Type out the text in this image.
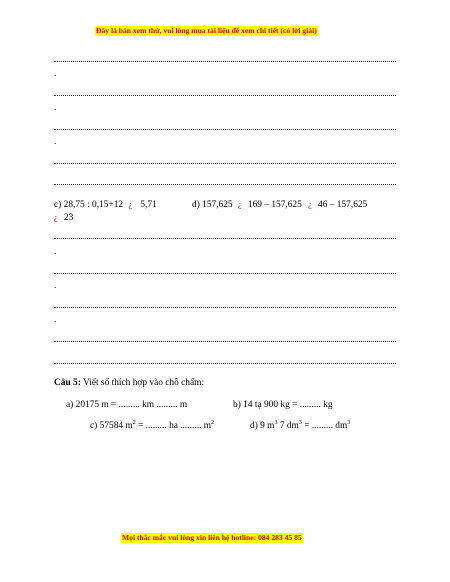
Đây là bản xem thử, vui lòng mua tài liệu để xem chi tiết (có lời giải)
.
.
.
c) 28,75 : 0,15+12 ¿ 5,71	d) 157,625 ¿ 169 – 157,625 ¿ 46 – 157,625
¿ 23
.
.
.
Câu 5: Viết số thích hợp vào chỗ chấm:
a) 20175 m = ......... km ......... m	b) 14 tạ 900 kg = ......... kg
c) 57584 $m^2$ = ......... ha ......... $m^2$	d) 9 $m^3$ 7 $dm^3$ = ......... $dm^3$
Mọi thắc mắc vui lòng xin liên hệ hotline: 084 283 45 85
